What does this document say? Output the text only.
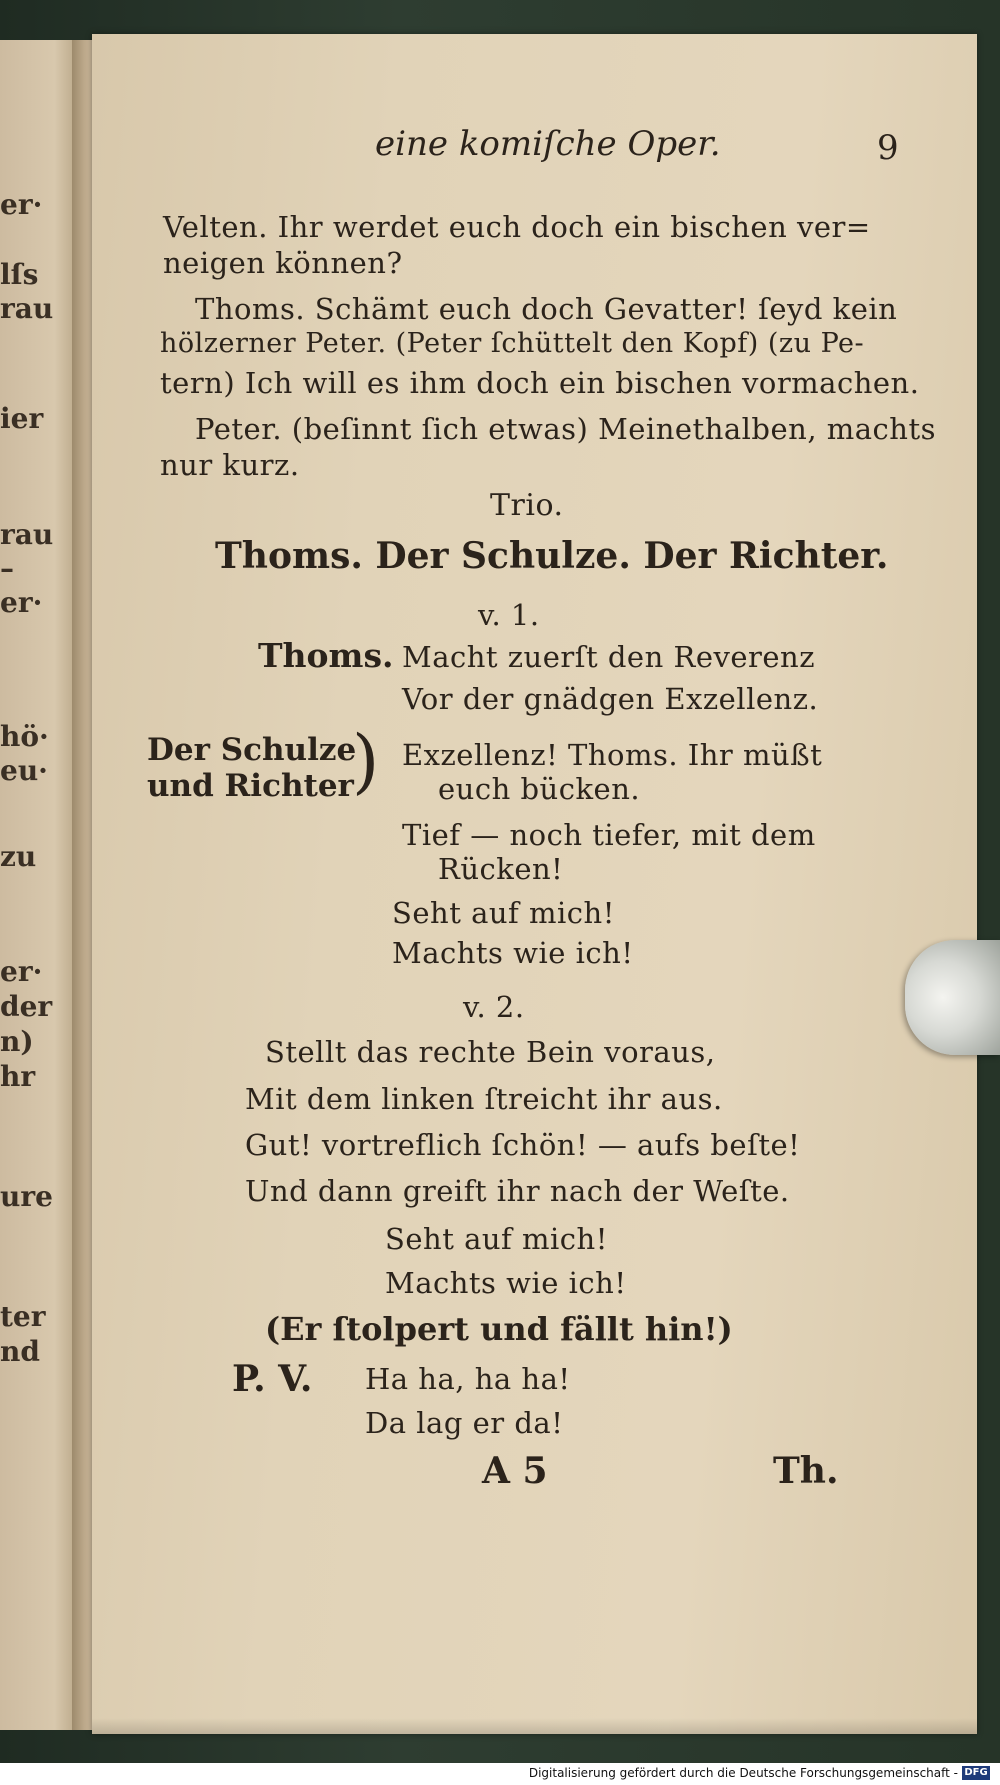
er·
lſs
rau
ier
rau
–
er·
hö·
eu·
zu
er·
der
n)
hr
ure
ter
nd
eine komiſche Oper.	9
Velten. Ihr werdet euch doch ein bischen ver=
neigen können?
Thoms. Schämt euch doch Gevatter! ſeyd kein
hölzerner Peter. (Peter ſchüttelt den Kopf) (zu Pe-
tern) Ich will es ihm doch ein bischen vormachen.
Peter. (beſinnt ſich etwas) Meinethalben, machts
nur kurz.
Trio.
Thoms. Der Schulze. Der Richter.
v. 1.
Thoms. Macht zuerſt den Reverenz
Vor der gnädgen Exzellenz.
Der Schulze
und Richter
) Exzellenz! Thoms. Ihr müßt
euch bücken.
Tief — noch tiefer, mit dem
Rücken!
Seht auf mich!
Machts wie ich!
v. 2.
Stellt das rechte Bein voraus,
Mit dem linken ſtreicht ihr aus.
Gut! vortreflich ſchön! — aufs beſte!
Und dann greift ihr nach der Weſte.
Seht auf mich!
Machts wie ich!
(Er ſtolpert und fällt hin!)
P. V. Ha ha, ha ha!
Da lag er da!
A 5	Th.
Digitalisierung gefördert durch die Deutsche Forschungsgemeinschaft - DFG
